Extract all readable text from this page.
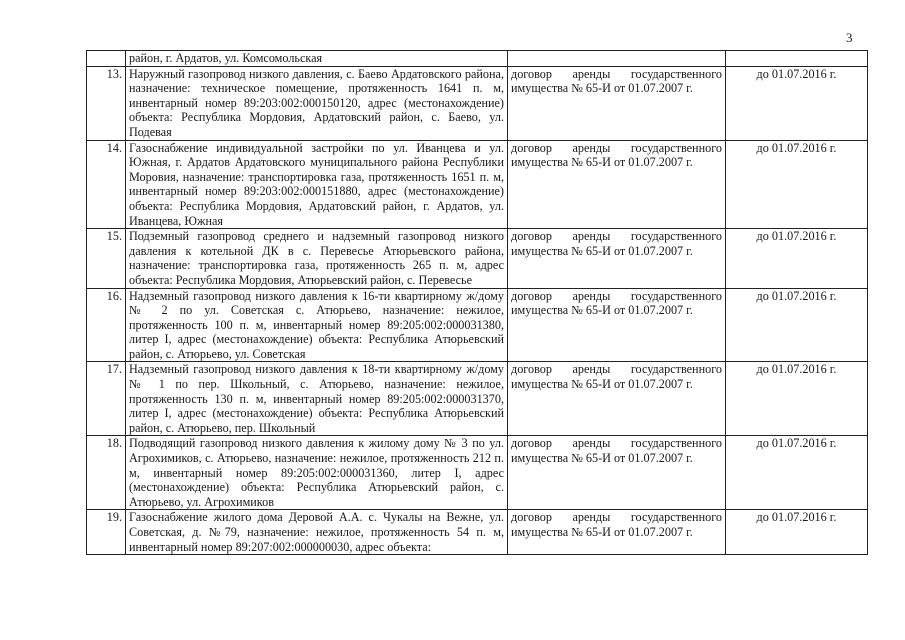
3
	район, г. Ардатов, ул. Комсомольская		
13.	Наружный газопровод низкого давления, с. Баево Ардатовского района, назначение: техническое помещение, протяженность 1641 п. м, инвентарный номер 89:203:002:000150120, адрес (местонахождение) объекта: Республика Мордовия, Ардатовский район, с. Баево, ул. Подевая	договор аренды государственного имущества № 65-И от 01.07.2007 г.	до 01.07.2016 г.
14.	Газоснабжение индивидуальной застройки по ул. Иванцева и ул. Южная, г. Ардатов Ардатовского муниципального района Республики Моровия, назначение: транспортировка газа, протяженность 1651 п. м, инвентарный номер 89:203:002:000151880, адрес (местонахождение) объекта: Республика Мордовия, Ардатовский район, г. Ардатов, ул. Иванцева, Южная	договор аренды государственного имущества № 65-И от 01.07.2007 г.	до 01.07.2016 г.
15.	Подземный газопровод среднего и надземный газопровод низкого давления к котельной ДК в с. Перевесье Атюрьевского района, назначение: транспортировка газа, протяженность 265 п. м, адрес объекта: Республика Мордовия, Атюрьевский район, с. Перевесье	договор аренды государственного имущества № 65-И от 01.07.2007 г.	до 01.07.2016 г.
16.	Надземный газопровод низкого давления к 16-ти квартирному ж/дому № 2 по ул. Советская с. Атюрьево, назначение: нежилое, протяженность 100 п. м, инвентарный номер 89:205:002:000031380, литер I, адрес (местонахождение) объекта: Республика Атюрьевский район, с. Атюрьево, ул. Советская	договор аренды государственного имущества № 65-И от 01.07.2007 г.	до 01.07.2016 г.
17.	Надземный газопровод низкого давления к 18-ти квартирному ж/дому № 1 по пер. Школьный, с. Атюрьево, назначение: нежилое, протяженность 130 п. м, инвентарный номер 89:205:002:000031370, литер I, адрес (местонахождение) объекта: Республика Атюрьевский район, с. Атюрьево, пер. Школьный	договор аренды государственного имущества № 65-И от 01.07.2007 г.	до 01.07.2016 г.
18.	Подводящий газопровод низкого давления к жилому дому № 3 по ул. Агрохимиков, с. Атюрьево, назначение: нежилое, протяженность 212 п. м, инвентарный номер 89:205:002:000031360, литер I, адрес (местонахождение) объекта: Республика Атюрьевский район, с. Атюрьево, ул. Агрохимиков	договор аренды государственного имущества № 65-И от 01.07.2007 г.	до 01.07.2016 г.
19.	Газоснабжение жилого дома Деровой А.А. с. Чукалы на Вежне, ул. Советская, д. №79, назначение: нежилое, протяженность 54 п. м, инвентарный номер 89:207:002:000000030, адрес объекта:	договор аренды государственного имущества № 65-И от 01.07.2007 г.	до 01.07.2016 г.
